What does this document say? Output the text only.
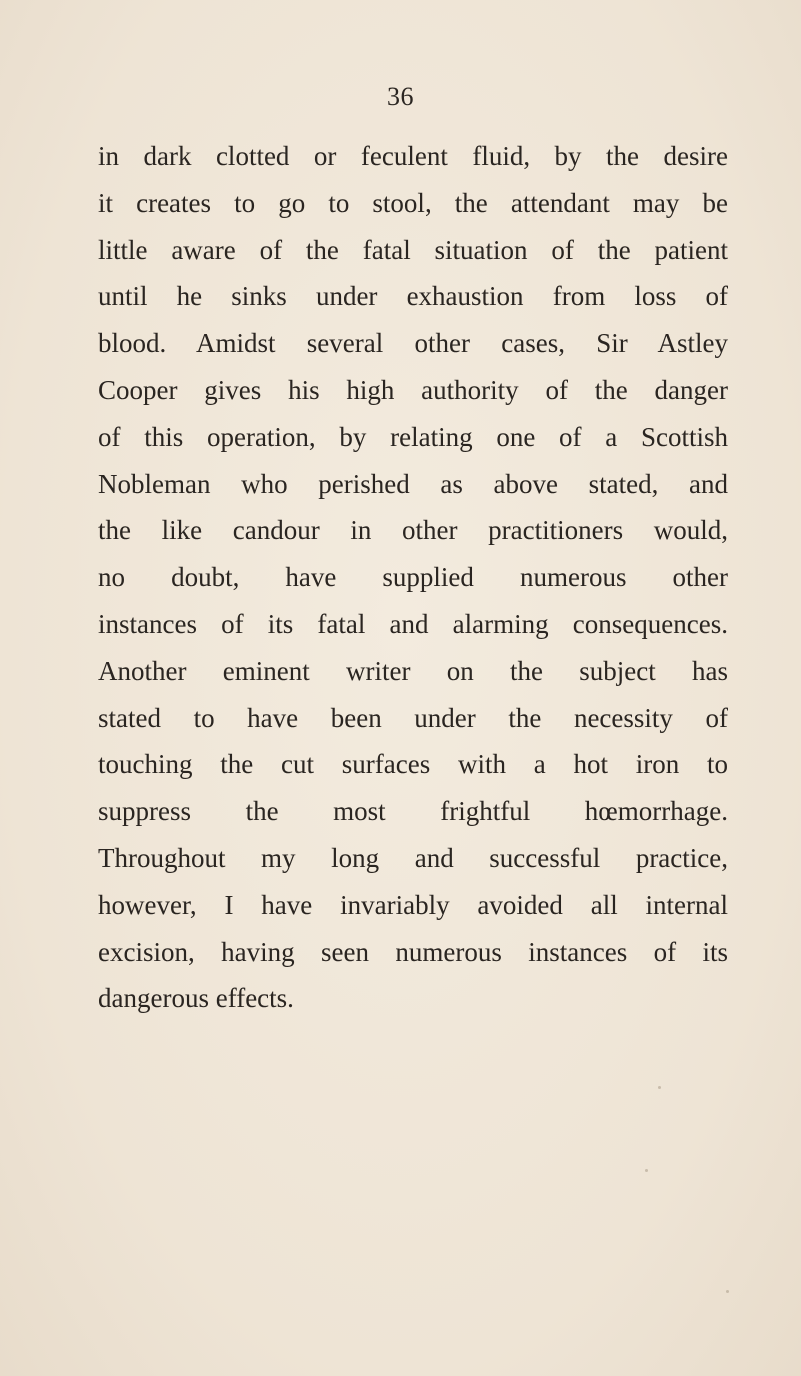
36
in dark clotted or feculent fluid, by the desire
it creates to go to stool, the attendant may be
little aware of the fatal situation of the patient
until he sinks under exhaustion from loss of
blood. Amidst several other cases, Sir Astley
Cooper gives his high authority of the danger
of this operation, by relating one of a Scottish
Nobleman who perished as above stated, and
the like candour in other practitioners would,
no doubt, have supplied numerous other
instances of its fatal and alarming consequences.
Another eminent writer on the subject has
stated to have been under the necessity of
touching the cut surfaces with a hot iron to
suppress the most frightful hœmorrhage.
Throughout my long and successful practice,
however, I have invariably avoided all internal
excision, having seen numerous instances of its
dangerous effects.
